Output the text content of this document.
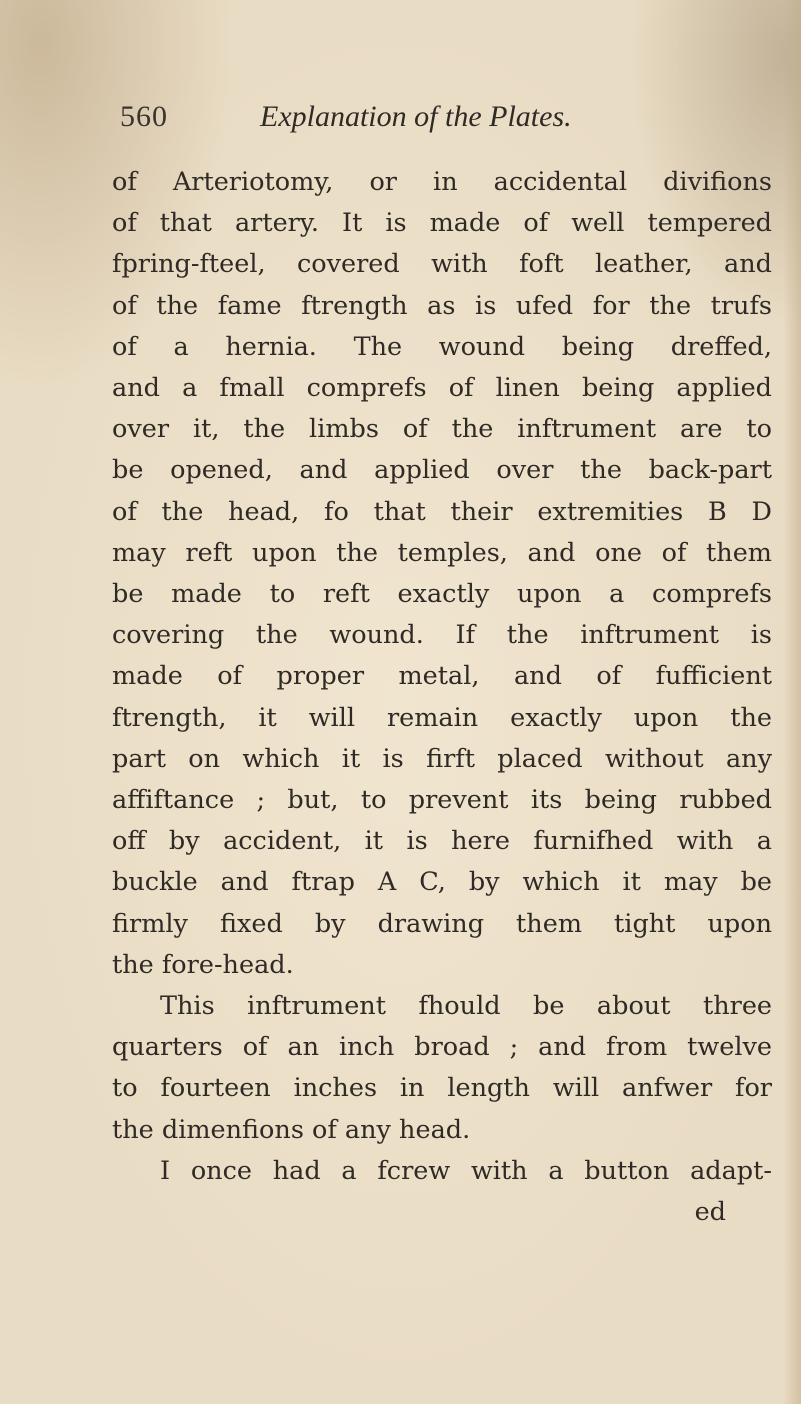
560	Explanation of the Plates.
of Arteriotomy, or in accidental divifions
of that artery. It is made of well tempered
fpring-fteel, covered with foft leather, and
of the fame ftrength as is ufed for the trufs
of a hernia. The wound being dreffed,
and a fmall comprefs of linen being applied
over it, the limbs of the inftrument are to
be opened, and applied over the back-part
of the head, fo that their extremities B D
may reft upon the temples, and one of them
be made to reft exactly upon a comprefs
covering the wound. If the inftrument is
made of proper metal, and of fufficient
ftrength, it will remain exactly upon the
part on which it is firft placed without any
affiftance ; but, to prevent its being rubbed
off by accident, it is here furnifhed with a
buckle and ftrap A C, by which it may be
firmly fixed by drawing them tight upon
the fore-head.
This inftrument fhould be about three
quarters of an inch broad ; and from twelve
to fourteen inches in length will anfwer for
the dimenfions of any head.
I once had a fcrew with a button adapt-
ed
